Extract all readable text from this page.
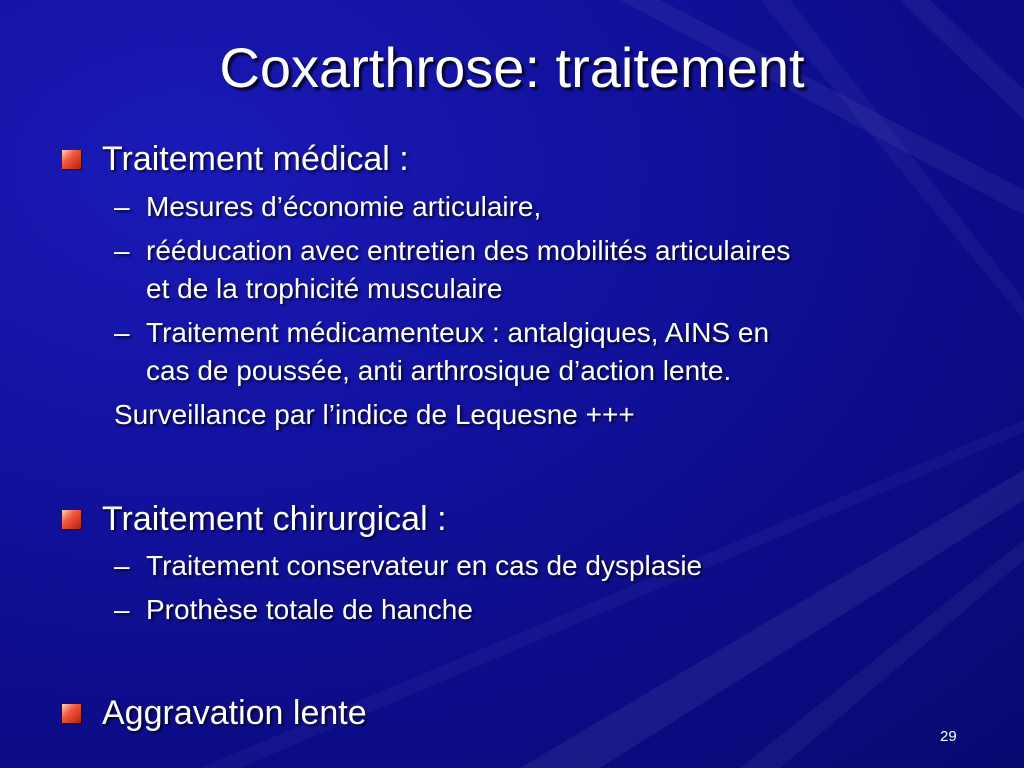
Coxarthrose: traitement
Traitement médical :
– Mesures d’économie articulaire,
– rééducation avec entretien des mobilités articulaires
et de la trophicité musculaire
– Traitement médicamenteux : antalgiques, AINS en
cas de poussée, anti arthrosique d’action lente.
Surveillance par l’indice de Lequesne +++
Traitement chirurgical :
– Traitement conservateur en cas de dysplasie
– Prothèse totale de hanche
Aggravation lente
29
